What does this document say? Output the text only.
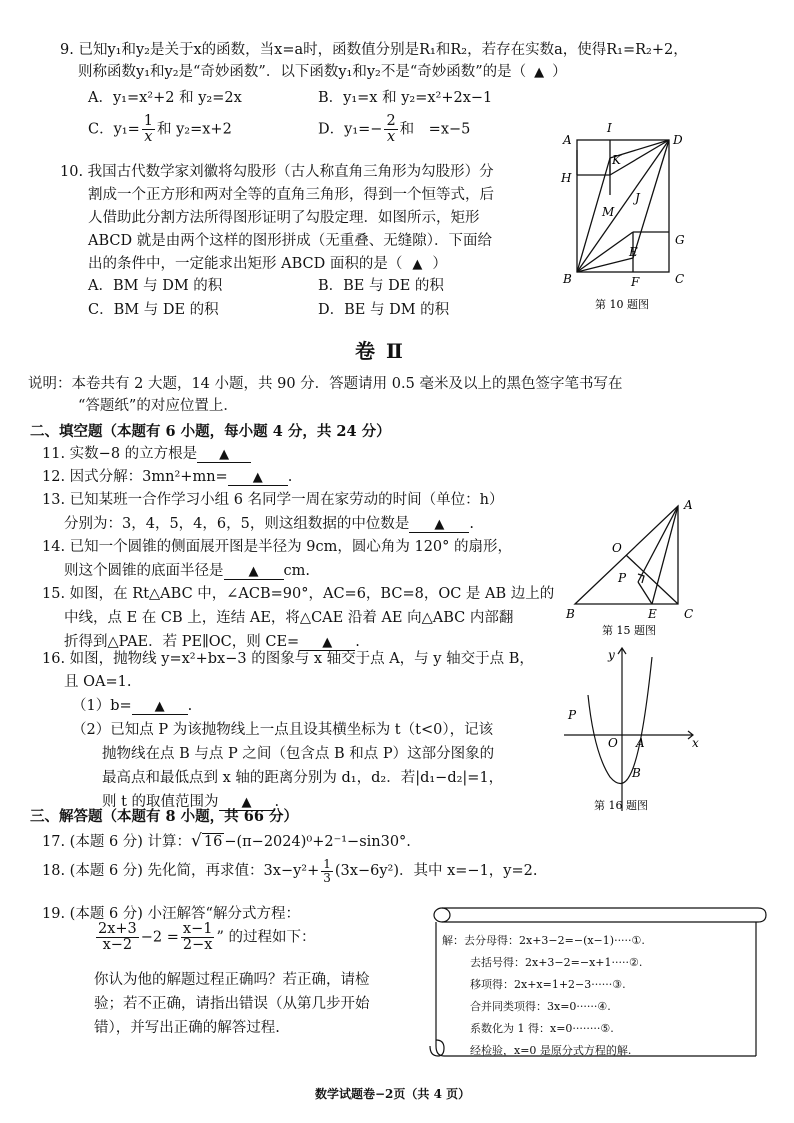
9. 已知y₁和y₂是关于x的函数，当x=a时，函数值分别是R₁和R₂，若存在实数a，使得R₁=R₂+2，
则称函数y₁和y₂是“奇妙函数”．以下函数y₁和y₂不是“奇妙函数”的是（ ▲ ）
A．y₁=x²+2 和 y₂=2x	B．y₁=x 和 y₂=x²+2x−1
C．$y_1= \frac{1}{x}$ 和 y₂=x+2	D．$y_1=- \frac{2}{x}$ 和　=x−5
10. 我国古代数学家刘徽将勾股形（古人称直角三角形为勾股形）分
割成一个正方形和两对全等的直角三角形，得到一个恒等式，后
人借助此分割方法所得图形证明了勾股定理．如图所示，矩形
ABCD 就是由两个这样的图形拼成（无重叠、无缝隙）．下面给
出的条件中，一定能求出矩形 ABCD 面积的是（ ▲ ）
A．BM 与 DM 的积	B．BE 与 DE 的积
C．BM 与 DE 的积	D．BE 与 DM 的积
A
I
D
H
K
J
M
G
E
B	F	C
第 10 题图
卷 Ⅱ
说明：本卷共有 2 大题，14 小题，共 90 分．答题请用 0.5 毫米及以上的黑色签字笔书写在
“答题纸”的对应位置上．
二、填空题（本题有 6 小题，每小题 4 分，共 24 分）
11. 实数−8 的立方根是 ▲
12. 因式分解：3mn²+mn= ▲ .
13. 已知某班一合作学习小组 6 名同学一周在家劳动的时间（单位：h）
分别为：3，4，5，4，6，5，则这组数据的中位数是 ▲ .
14. 已知一个圆锥的侧面展开图是半径为 9cm，圆心角为 120° 的扇形，
则这个圆锥的底面半径是 ▲ cm.
15. 如图，在 Rt△ABC 中，∠ACB=90°，AC=6，BC=8，OC 是 AB 边上的
中线，点 E 在 CB 上，连结 AE，将△CAE 沿着 AE 向△ABC 内部翻
折得到△PAE．若 PE∥OC，则 CE= ▲ .
A
O
P
B	E C
第 15 题图
16. 如图，抛物线 y=x²+bx−3 的图象与 x 轴交于点 A，与 y 轴交于点 B，
且 OA=1.
（1）b= ▲ .
（2）已知点 P 为该抛物线上一点且设其横坐标为 t（t<0），记该
抛物线在点 B 与点 P 之间（包含点 B 和点 P）这部分图象的
最高点和最低点到 x 轴的距离分别为 d₁，d₂．若|d₁−d₂|=1，
则 t 的取值范围为 ▲ .
y
P
O A	x
B
第 16 题图
三、解答题（本题有 8 小题，共 66 分）
17. (本题 6 分) 计算：√ 16 −(π−2024)⁰+2⁻¹−sin30°.
18. (本题 6 分) 先化简，再求值：$3x-y^2+ \frac{1}{3} (3x-6y^2)$．其中 x=−1，y=2.
19. (本题 6 分) 小汪解答“解分式方程：
$\frac{2x+3}{x-2} -2 = \frac{x-1}{2-x}$ ” 的过程如下：
你认为他的解题过程正确吗？若正确，请检
验；若不正确，请指出错误（从第几步开始
错），并写出正确的解答过程.
解：去分母得：2x+3−2=−(x−1)·····①.
去括号得：2x+3−2=−x+1·····②.
移项得：2x+x=1+2−3······③.
合并同类项得：3x=0······④.
系数化为 1 得：x=0········⑤.
经检验，x=0 是原分式方程的解.
数学试题卷−2页（共 4 页）
